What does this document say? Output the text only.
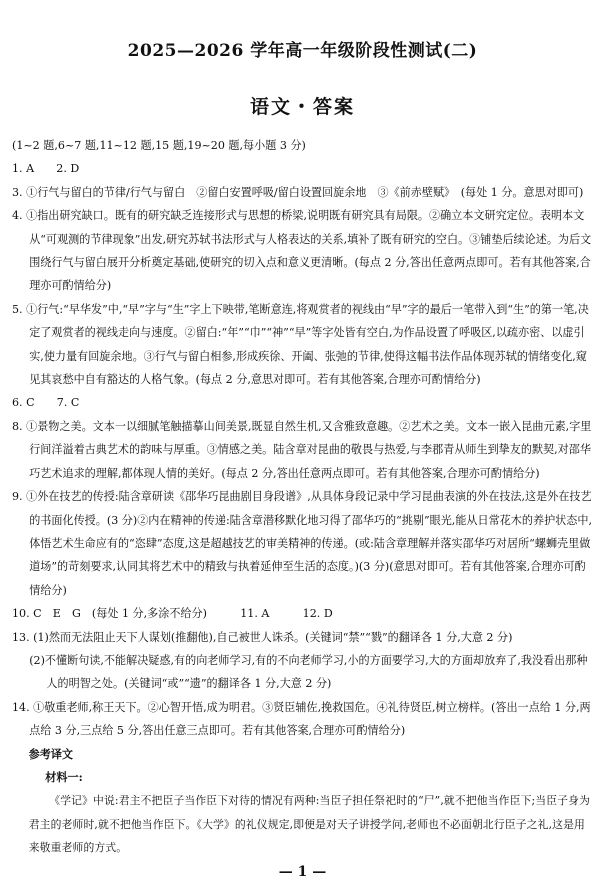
2025—2026 学年高一年级阶段性测试(二)
语文・答案

(1~2 题,6~7 题,11~12 题,15 题,19~20 题,每小题 3 分)

1. A　　2. D

3. ①行气与留白的节律/行气与留白　②留白安置呼吸/留白设置回旋余地　③《前赤壁赋》　(每处 1 分。意思对即可)

4. ①指出研究缺口。既有的研究缺乏连接形式与思想的桥梁,说明既有研究具有局限。②确立本文研究定位。表明本文从“可观测的节律现象”出发,研究苏轼书法形式与人格表达的关系,填补了既有研究的空白。③铺垫后续论述。为后文围绕行气与留白展开分析奠定基础,使研究的切入点和意义更清晰。(每点 2 分,答出任意两点即可。若有其他答案,合理亦可酌情给分)

5. ①行气:“早华发”中,“早”字与“生”字上下映带,笔断意连,将观赏者的视线由“早”字的最后一笔带入到“生”的第一笔,决定了观赏者的视线走向与速度。②留白:“年”“巾”“神”“早”等字处皆有空白,为作品设置了呼吸区,以疏亦密、以虚引实,使力量有回旋余地。③行气与留白相参,形成疾徐、开阖、张弛的节律,使得这幅书法作品体现苏轼的情绪变化,窥见其哀愁中自有豁达的人格气象。(每点 2 分,意思对即可。若有其他答案,合理亦可酌情给分)

6. C　　7. C

8. ①景物之美。文本一以细腻笔触描摹山间美景,既显自然生机,又含雅致意趣。②艺术之美。文本一嵌入昆曲元素,字里行间洋溢着古典艺术的韵味与厚重。③情感之美。陆含章对昆曲的敬畏与热爱,与李郡青从师生到挚友的默契,对邵华巧艺术追求的理解,都体现人情的美好。(每点 2 分,答出任意两点即可。若有其他答案,合理亦可酌情给分)

9. ①外在技艺的传授:陆含章研读《邵华巧昆曲剧目身段谱》,从具体身段记录中学习昆曲表演的外在技法,这是外在技艺的书面化传授。(3 分)②内在精神的传递:陆含章潜移默化地习得了邵华巧的“挑剔”眼光,能从日常花木的养护状态中,体悟艺术生命应有的“恣肆”态度,这是超越技艺的审美精神的传递。(或:陆含章理解并落实邵华巧对居所“螺蛳壳里做道场”的苛刻要求,认同其将艺术中的精致与执着延伸至生活的态度。)(3 分)(意思对即可。若有其他答案,合理亦可酌情给分)

10. C　E　G　(每处 1 分,多涂不给分)　　　11. A　　　12. D

13. (1)然而无法阻止天下人谋划(推翻他),自己被世人诛杀。(关键词“禁”“戮”的翻译各 1 分,大意 2 分)

(2)不懂断句读,不能解决疑惑,有的向老师学习,有的不向老师学习,小的方面要学习,大的方面却放弃了,我没看出那种人的明智之处。(关键词“或”“遗”的翻译各 1 分,大意 2 分)

14. ①敬重老师,称王天下。②心智开悟,成为明君。③贤臣辅佐,挽救国危。④礼待贤臣,树立榜样。(答出一点给 1 分,两点给 3 分,三点给 5 分,答出任意三点即可。若有其他答案,合理亦可酌情给分)

参考译文

材料一:

《学记》中说:君主不把臣子当作臣下对待的情况有两种:当臣子担任祭祀时的“尸”,就不把他当作臣下;当臣子身为君主的老师时,就不把他当作臣下。《大学》的礼仪规定,即便是对天子讲授学问,老师也不必面朝北行臣子之礼,这是用来敬重老师的方式。

— 1 —
